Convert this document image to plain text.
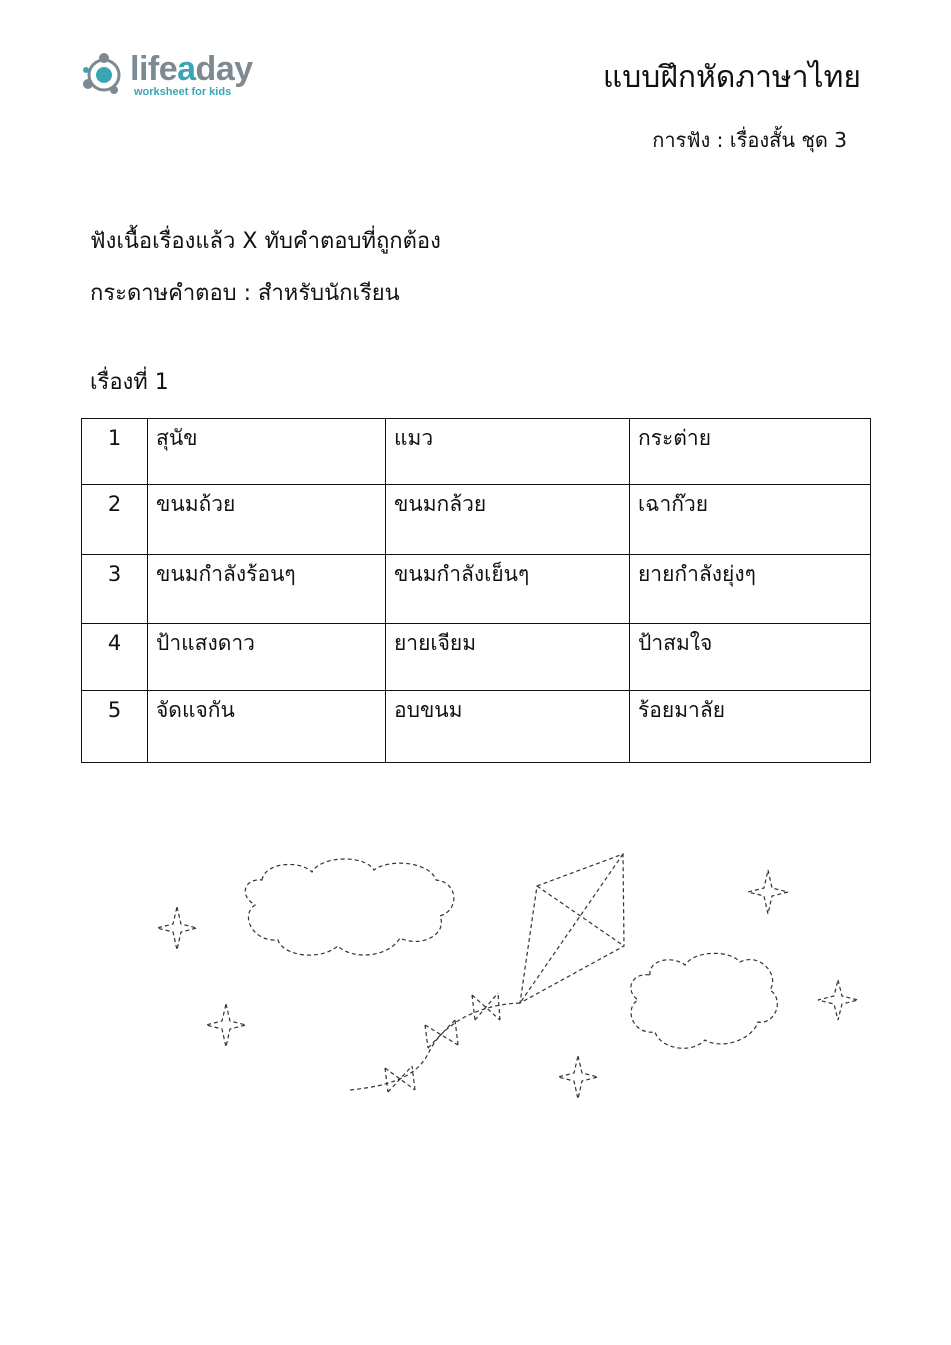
lifeaday
worksheet for kids	แบบฝึกหัดภาษาไทย
การฟัง : เรื่องสั้น ชุด 3
ฟังเนื้อเรื่องแล้ว X ทับคำตอบที่ถูกต้อง
กระดาษคำตอบ : สำหรับนักเรียน
เรื่องที่ 1
1	สุนัข	แมว	กระต่าย
2	ขนมถ้วย	ขนมกล้วย	เฉาก๊วย
3	ขนมกำลังร้อนๆ	ขนมกำลังเย็นๆ	ยายกำลังยุ่งๆ
4	ป้าแสงดาว	ยายเจียม	ป้าสมใจ
5	จัดแจกัน	อบขนม	ร้อยมาลัย
